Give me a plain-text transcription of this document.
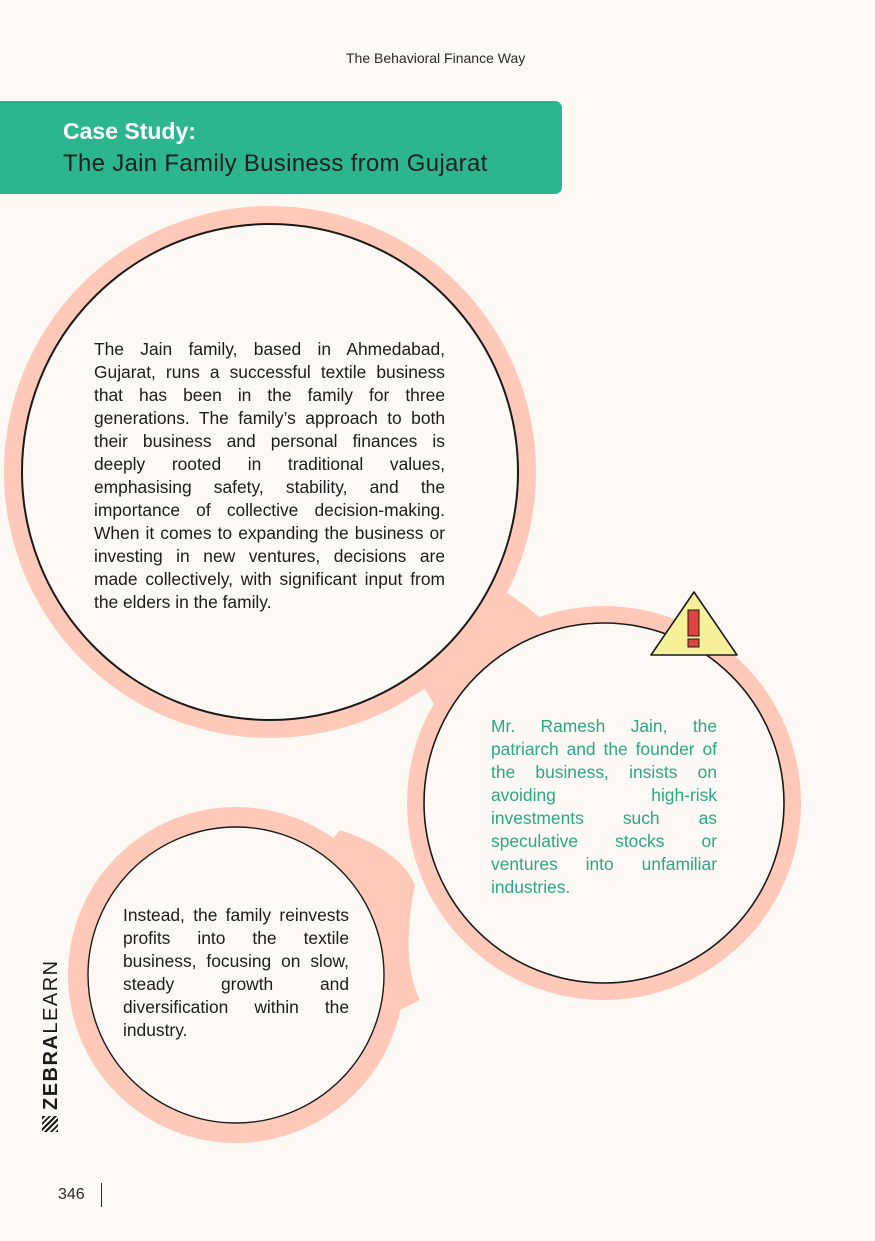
The Behavioral Finance Way
Case Study:
The Jain Family Business from Gujarat
The Jain family, based in Ahmedabad, Gujarat, runs a successful textile business that has been in the family for three generations. The family’s approach to both their business and personal finances is deeply rooted in traditional values, emphasising safety, stability, and the importance of collective decision-making. When it comes to expanding the business or investing in new ventures, decisions are made collectively, with significant input from the elders in the family.
Mr. Ramesh Jain, the patriarch and the founder of the business, insists on avoiding high-risk investments such as speculative stocks or ventures into unfamiliar industries.
Instead, the family reinvests profits into the textile business, focusing on slow, steady growth and diversification within the industry.
ZEBRALEARN
346
